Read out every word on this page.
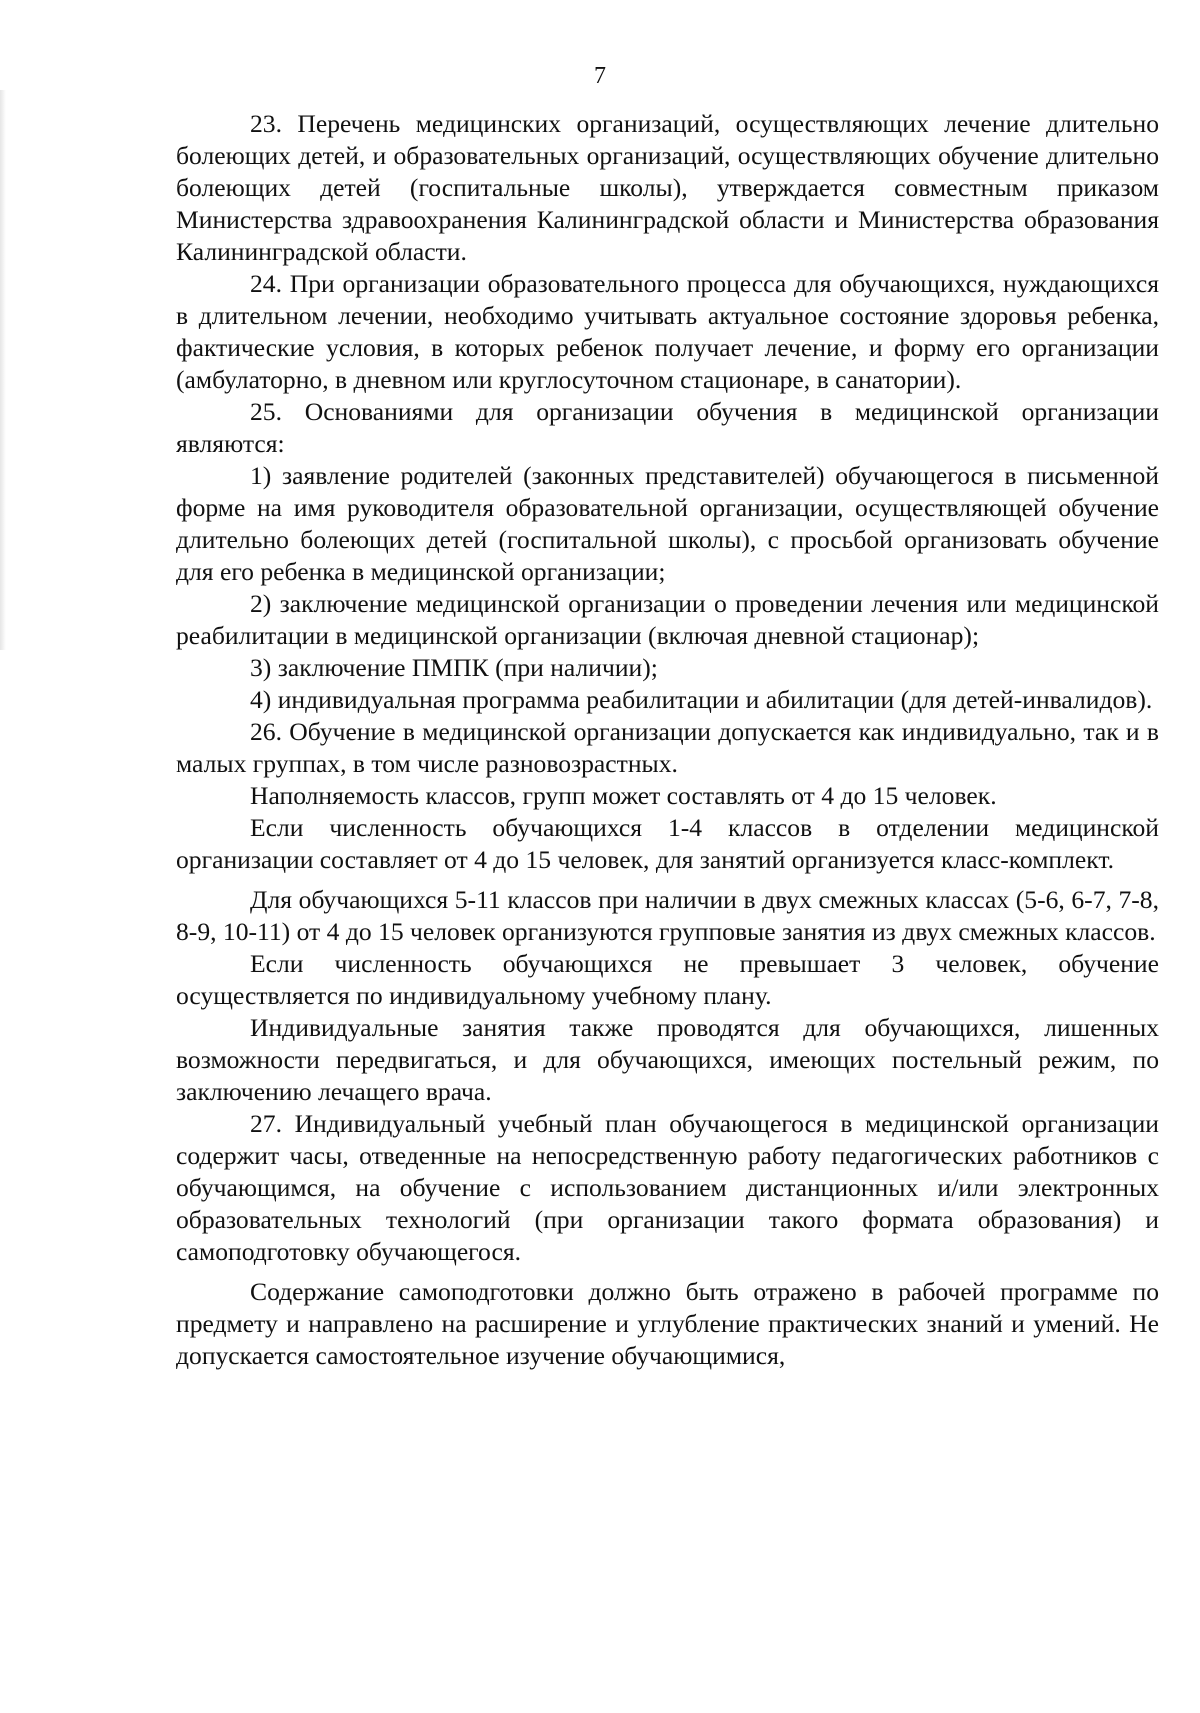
7

23. Перечень медицинских организаций, осуществляющих лечение длительно болеющих детей, и образовательных организаций, осуществляющих обучение длительно болеющих детей (госпитальные школы), утверждается совместным приказом Министерства здравоохранения Калининградской области и Министерства образования Калининградской области.

24. При организации образовательного процесса для обучающихся, нуждающихся в длительном лечении, необходимо учитывать актуальное состояние здоровья ребенка, фактические условия, в которых ребенок получает лечение, и форму его организации (амбулаторно, в дневном или круглосуточном стационаре, в санатории).

25. Основаниями для организации обучения в медицинской организации являются:

1) заявление родителей (законных представителей) обучающегося в письменной форме на имя руководителя образовательной организации, осуществляющей обучение длительно болеющих детей (госпитальной школы), с просьбой организовать обучение для его ребенка в медицинской организации;

2) заключение медицинской организации о проведении лечения или медицинской реабилитации в медицинской организации (включая дневной стационар);

3) заключение ПМПК (при наличии);

4) индивидуальная программа реабилитации и абилитации (для детей-инвалидов).

26. Обучение в медицинской организации допускается как индивидуально, так и в малых группах, в том числе разновозрастных.

Наполняемость классов, групп может составлять от 4 до 15 человек.

Если численность обучающихся 1-4 классов в отделении медицинской организации составляет от 4 до 15 человек, для занятий организуется класс-комплект.

Для обучающихся 5-11 классов при наличии в двух смежных классах (5-6, 6-7, 7-8, 8-9, 10-11) от 4 до 15 человек организуются групповые занятия из двух смежных классов.

Если численность обучающихся не превышает 3 человек, обучение осуществляется по индивидуальному учебному плану.

Индивидуальные занятия также проводятся для обучающихся, лишенных возможности передвигаться, и для обучающихся, имеющих постельный режим, по заключению лечащего врача.

27. Индивидуальный учебный план обучающегося в медицинской организации содержит часы, отведенные на непосредственную работу педагогических работников с обучающимся, на обучение с использованием дистанционных и/или электронных образовательных технологий (при организации такого формата образования) и самоподготовку обучающегося.

Содержание самоподготовки должно быть отражено в рабочей программе по предмету и направлено на расширение и углубление практических знаний и умений. Не допускается самостоятельное изучение обучающимися,
